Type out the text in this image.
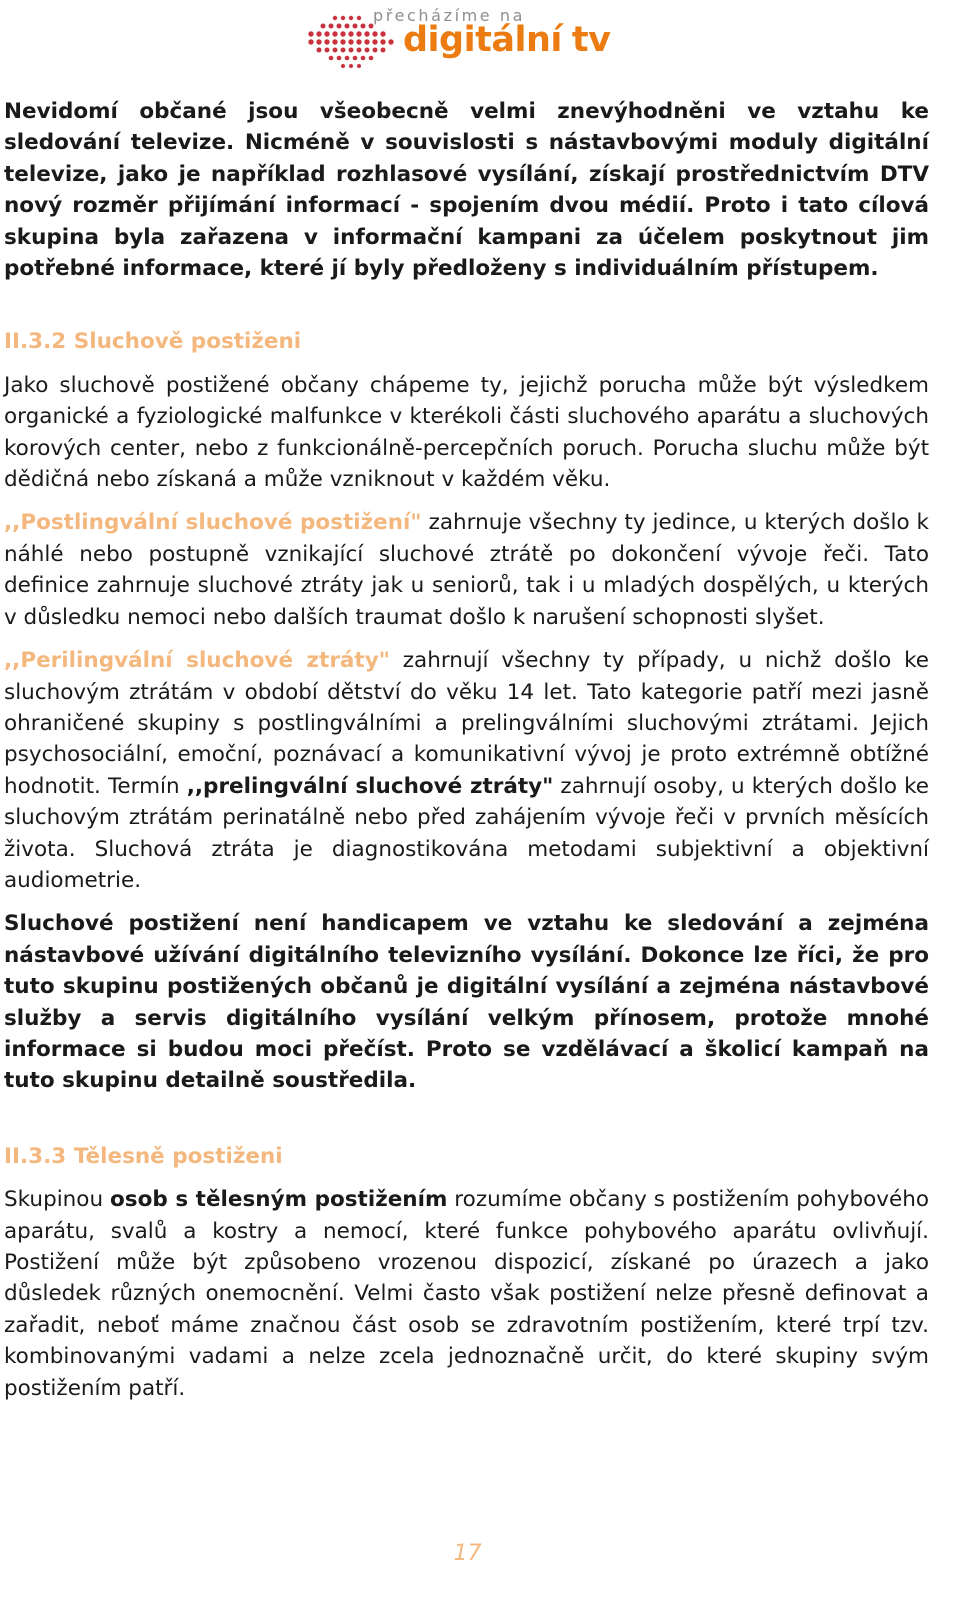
přecházíme na
digitální tv

Nevidomí občané jsou všeobecně velmi znevýhodněni ve vztahu ke sledování televize. Nicméně v souvislosti s nástavbovými moduly digitální televize, jako je například rozhlasové vysílání, získají prostřednictvím DTV nový rozměr přijímání informací - spojením dvou médií. Proto i tato cílová skupina byla zařazena v informační kampani za účelem poskytnout jim potřebné informace, které jí byly předloženy s individuálním přístupem.

II.3.2 Sluchově postiženi

Jako sluchově postižené občany chápeme ty, jejichž porucha může být výsledkem organické a fyziologické malfunkce v kterékoli části sluchového aparátu a sluchových korových center, nebo z funkcionálně-percepčních poruch. Porucha sluchu může být dědičná nebo získaná a může vzniknout v každém věku.

,,Postlingvální sluchové postižení" zahrnuje všechny ty jedince, u kterých došlo k náhlé nebo postupně vznikající sluchové ztrátě po dokončení vývoje řeči. Tato definice zahrnuje sluchové ztráty jak u seniorů, tak i u mladých dospělých, u kterých v důsledku nemoci nebo dalších traumat došlo k narušení schopnosti slyšet.

,,Perilingvální sluchové ztráty" zahrnují všechny ty případy, u nichž došlo ke sluchovým ztrátám v období dětství do věku 14 let. Tato kategorie patří mezi jasně ohraničené skupiny s postlingválními a prelingválními sluchovými ztrátami. Jejich psychosociální, emoční, poznávací a komunikativní vývoj je proto extrémně obtížné hodnotit. Termín ,,prelingvální sluchové ztráty" zahrnují osoby, u kterých došlo ke sluchovým ztrátám perinatálně nebo před zahájením vývoje řeči v prvních měsících života. Sluchová ztráta je diagnostikována metodami subjektivní a objektivní audiometrie.

Sluchové postižení není handicapem ve vztahu ke sledování a zejména nástavbové užívání digitálního televizního vysílání. Dokonce lze říci, že pro tuto skupinu postižených občanů je digitální vysílání a zejména nástavbové služby a servis digitálního vysílání velkým přínosem, protože mnohé informace si budou moci přečíst. Proto se vzdělávací a školicí kampaň na tuto skupinu detailně soustředila.

II.3.3 Tělesně postiženi

Skupinou osob s tělesným postižením rozumíme občany s postižením pohybového aparátu, svalů a kostry a nemocí, které funkce pohybového aparátu ovlivňují. Postižení může být způsobeno vrozenou dispozicí, získané po úrazech a jako důsledek různých onemocnění. Velmi často však postižení nelze přesně definovat a zařadit, neboť máme značnou část osob se zdravotním postižením, které trpí tzv. kombinovanými vadami a nelze zcela jednoznačně určit, do které skupiny svým postižením patří.

17
